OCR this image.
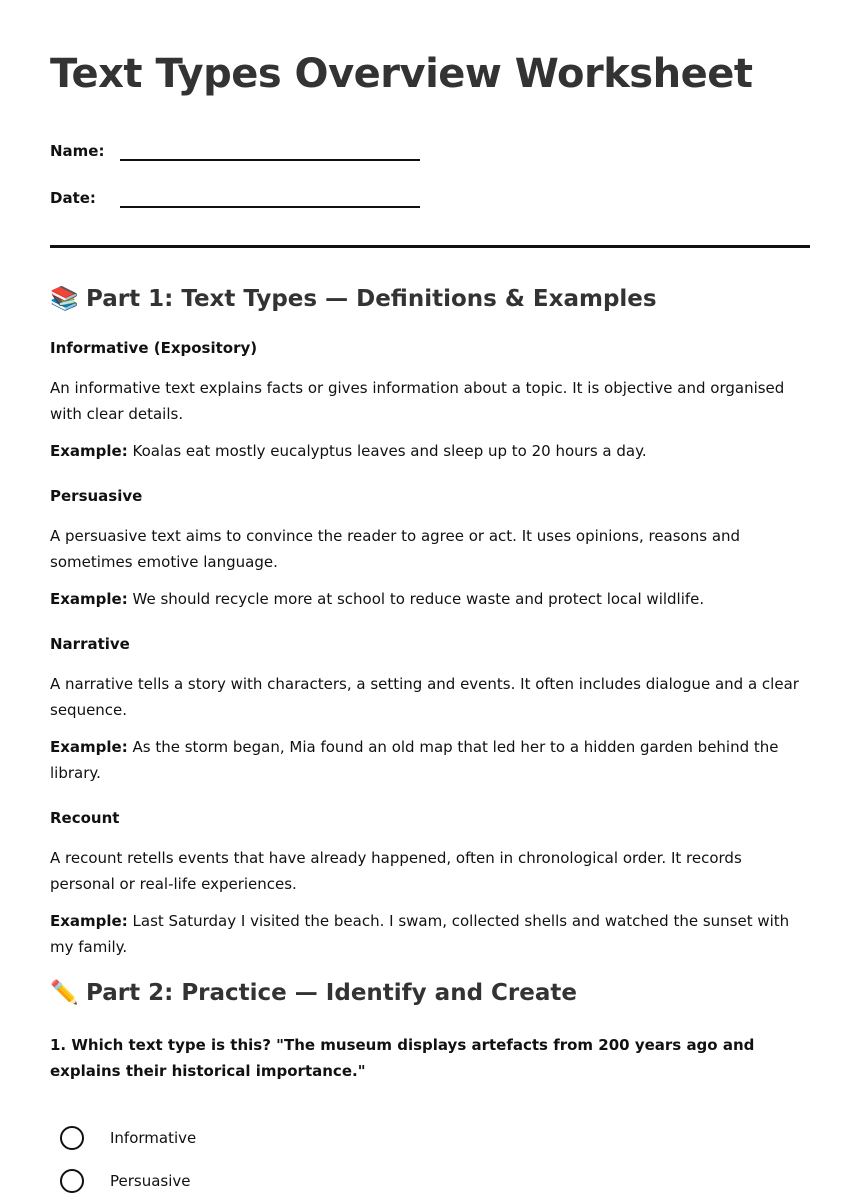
Text Types Overview Worksheet
Name:
Date:
📚 Part 1: Text Types — Definitions & Examples
Informative (Expository)
An informative text explains facts or gives information about a topic. It is objective and organised with clear details.
Example: Koalas eat mostly eucalyptus leaves and sleep up to 20 hours a day.
Persuasive
A persuasive text aims to convince the reader to agree or act. It uses opinions, reasons and sometimes emotive language.
Example: We should recycle more at school to reduce waste and protect local wildlife.
Narrative
A narrative tells a story with characters, a setting and events. It often includes dialogue and a clear sequence.
Example: As the storm began, Mia found an old map that led her to a hidden garden behind the library.
Recount
A recount retells events that have already happened, often in chronological order. It records personal or real-life experiences.
Example: Last Saturday I visited the beach. I swam, collected shells and watched the sunset with my family.
✏️ Part 2: Practice — Identify and Create
1. Which text type is this? "The museum displays artefacts from 200 years ago and explains their historical importance."
Informative
Persuasive
